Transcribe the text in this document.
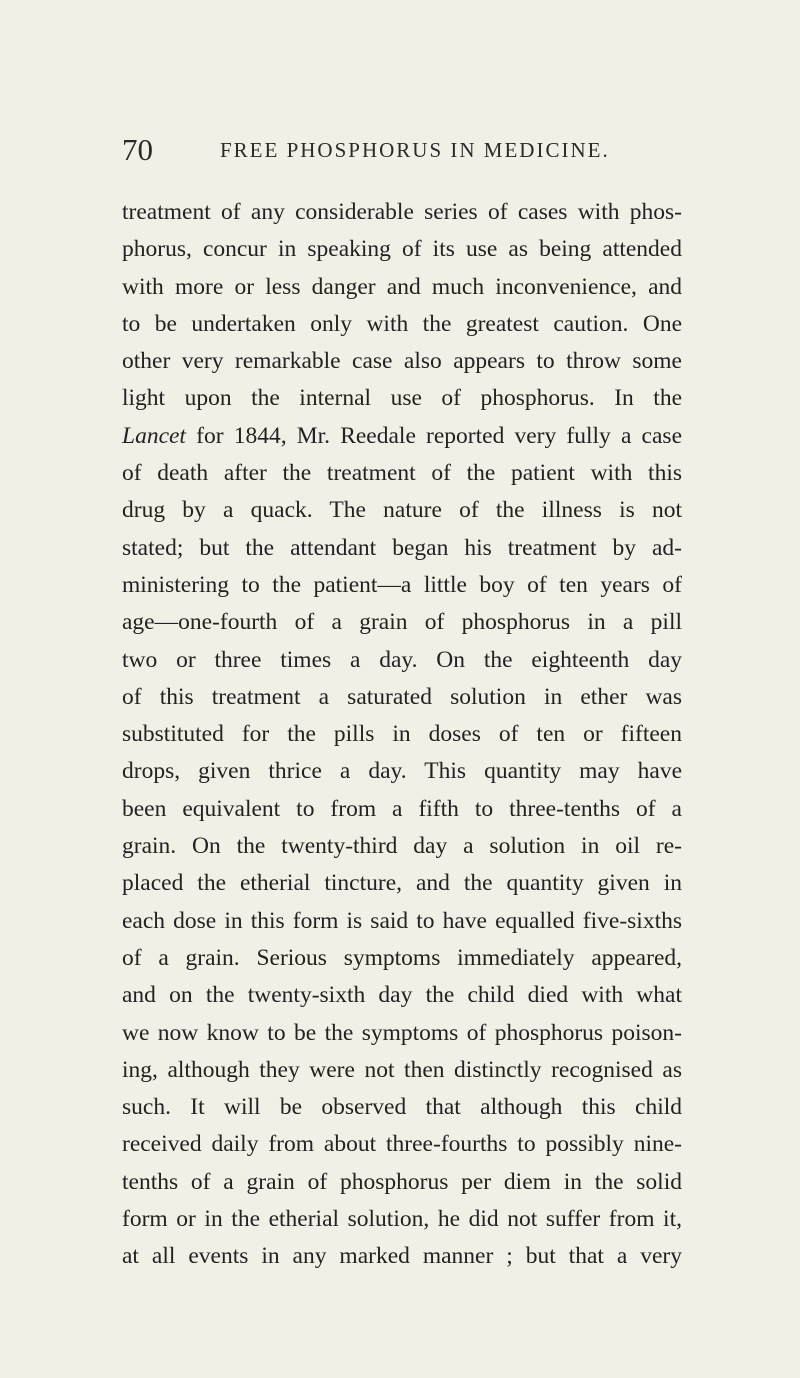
70	FREE PHOSPHORUS IN MEDICINE.
treatment of any considerable series of cases with phos-
phorus, concur in speaking of its use as being attended
with more or less danger and much inconvenience, and
to be undertaken only with the greatest caution. One
other very remarkable case also appears to throw some
light upon the internal use of phosphorus. In the
Lancet for 1844, Mr. Reedale reported very fully a case
of death after the treatment of the patient with this
drug by a quack. The nature of the illness is not
stated; but the attendant began his treatment by ad-
ministering to the patient—a little boy of ten years of
age—one-fourth of a grain of phosphorus in a pill
two or three times a day. On the eighteenth day
of this treatment a saturated solution in ether was
substituted for the pills in doses of ten or fifteen
drops, given thrice a day. This quantity may have
been equivalent to from a fifth to three-tenths of a
grain. On the twenty-third day a solution in oil re-
placed the etherial tincture, and the quantity given in
each dose in this form is said to have equalled five-sixths
of a grain. Serious symptoms immediately appeared,
and on the twenty-sixth day the child died with what
we now know to be the symptoms of phosphorus poison-
ing, although they were not then distinctly recognised as
such. It will be observed that although this child
received daily from about three-fourths to possibly nine-
tenths of a grain of phosphorus per diem in the solid
form or in the etherial solution, he did not suffer from it,
at all events in any marked manner ; but that a very
